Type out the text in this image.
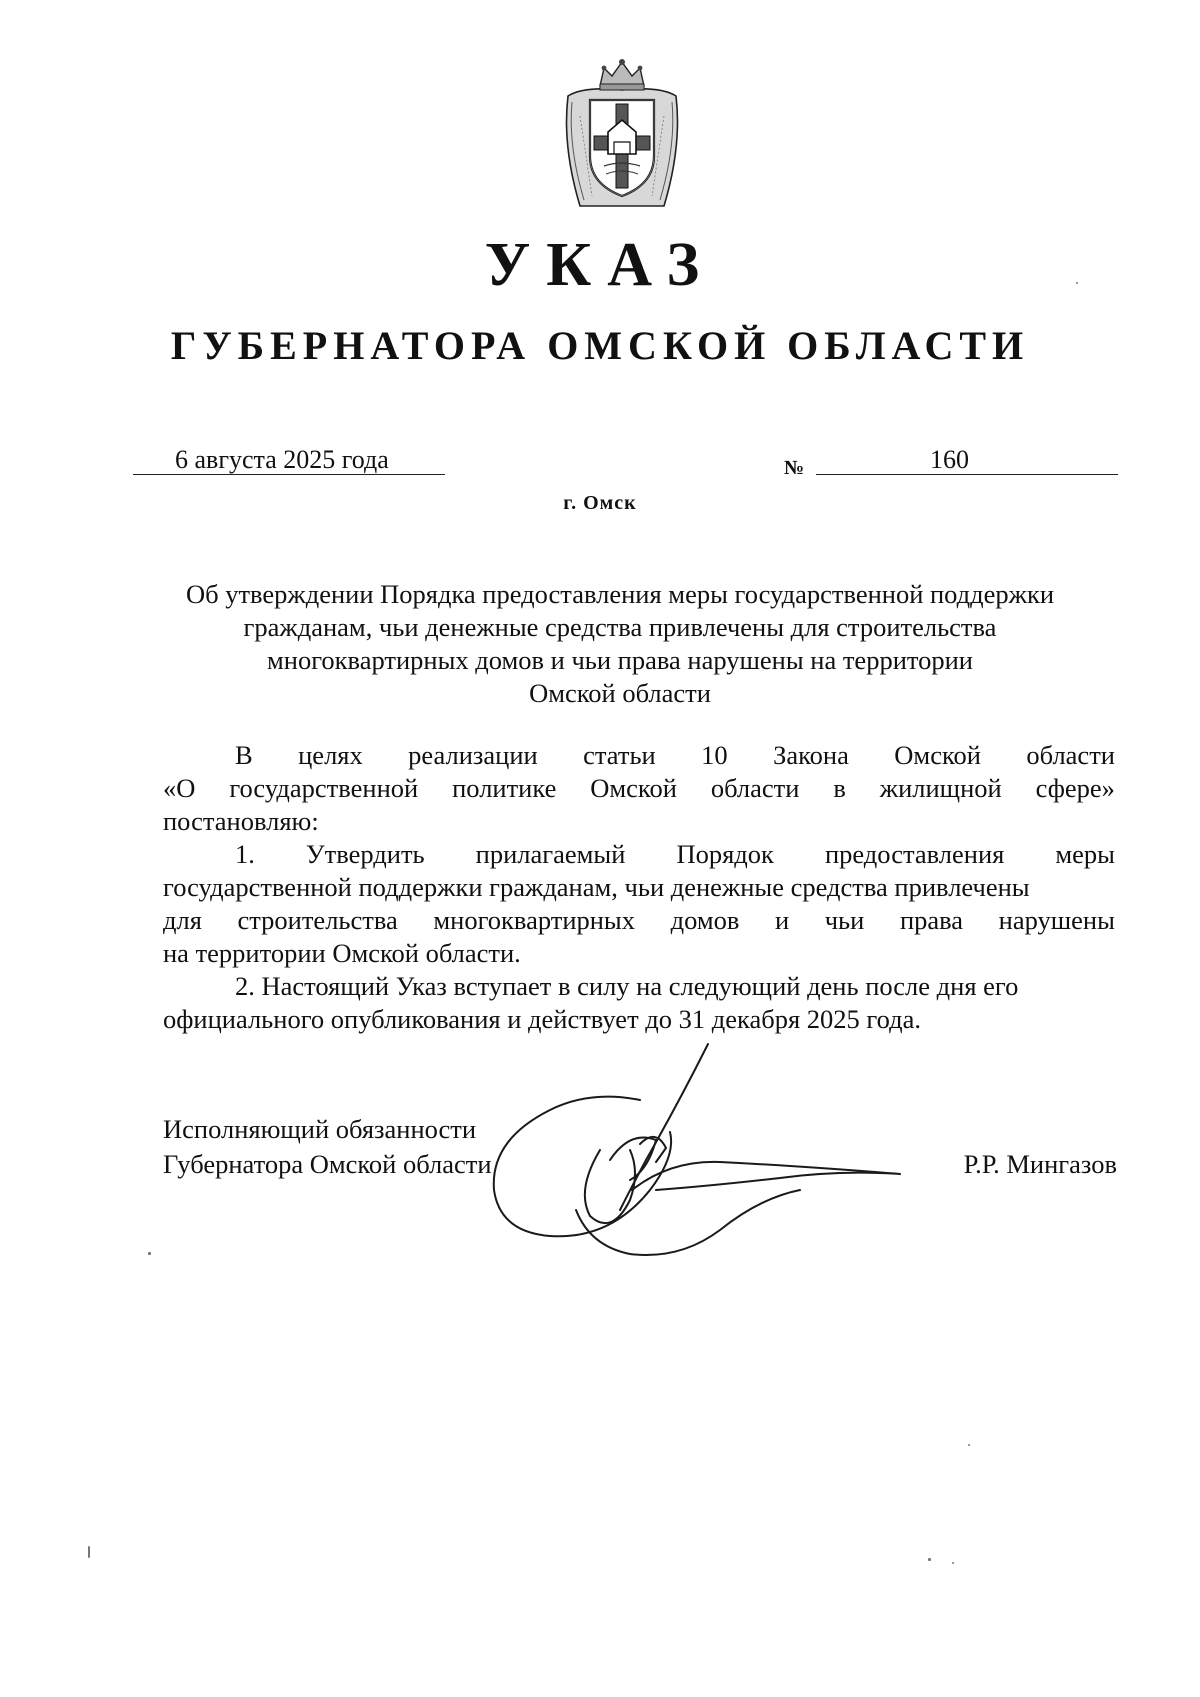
УКАЗ
ГУБЕРНАТОРА ОМСКОЙ ОБЛАСТИ
6 августа 2025 года	№	160
г. Омск
Об утверждении Порядка предоставления меры государственной поддержки
гражданам, чьи денежные средства привлечены для строительства
многоквартирных домов и чьи права нарушены на территории
Омской области
В целях реализации статьи 10 Закона Омской области
«О государственной политике Омской области в жилищной сфере»
постановляю:
1. Утвердить прилагаемый Порядок предоставления меры
государственной поддержки гражданам, чьи денежные средства привлечены
для строительства многоквартирных домов и чьи права нарушены
на территории Омской области.
2. Настоящий Указ вступает в силу на следующий день после дня его
официального опубликования и действует до 31 декабря 2025 года.
Исполняющий обязанности
Губернатора Омской области	Р.Р. Мингазов
